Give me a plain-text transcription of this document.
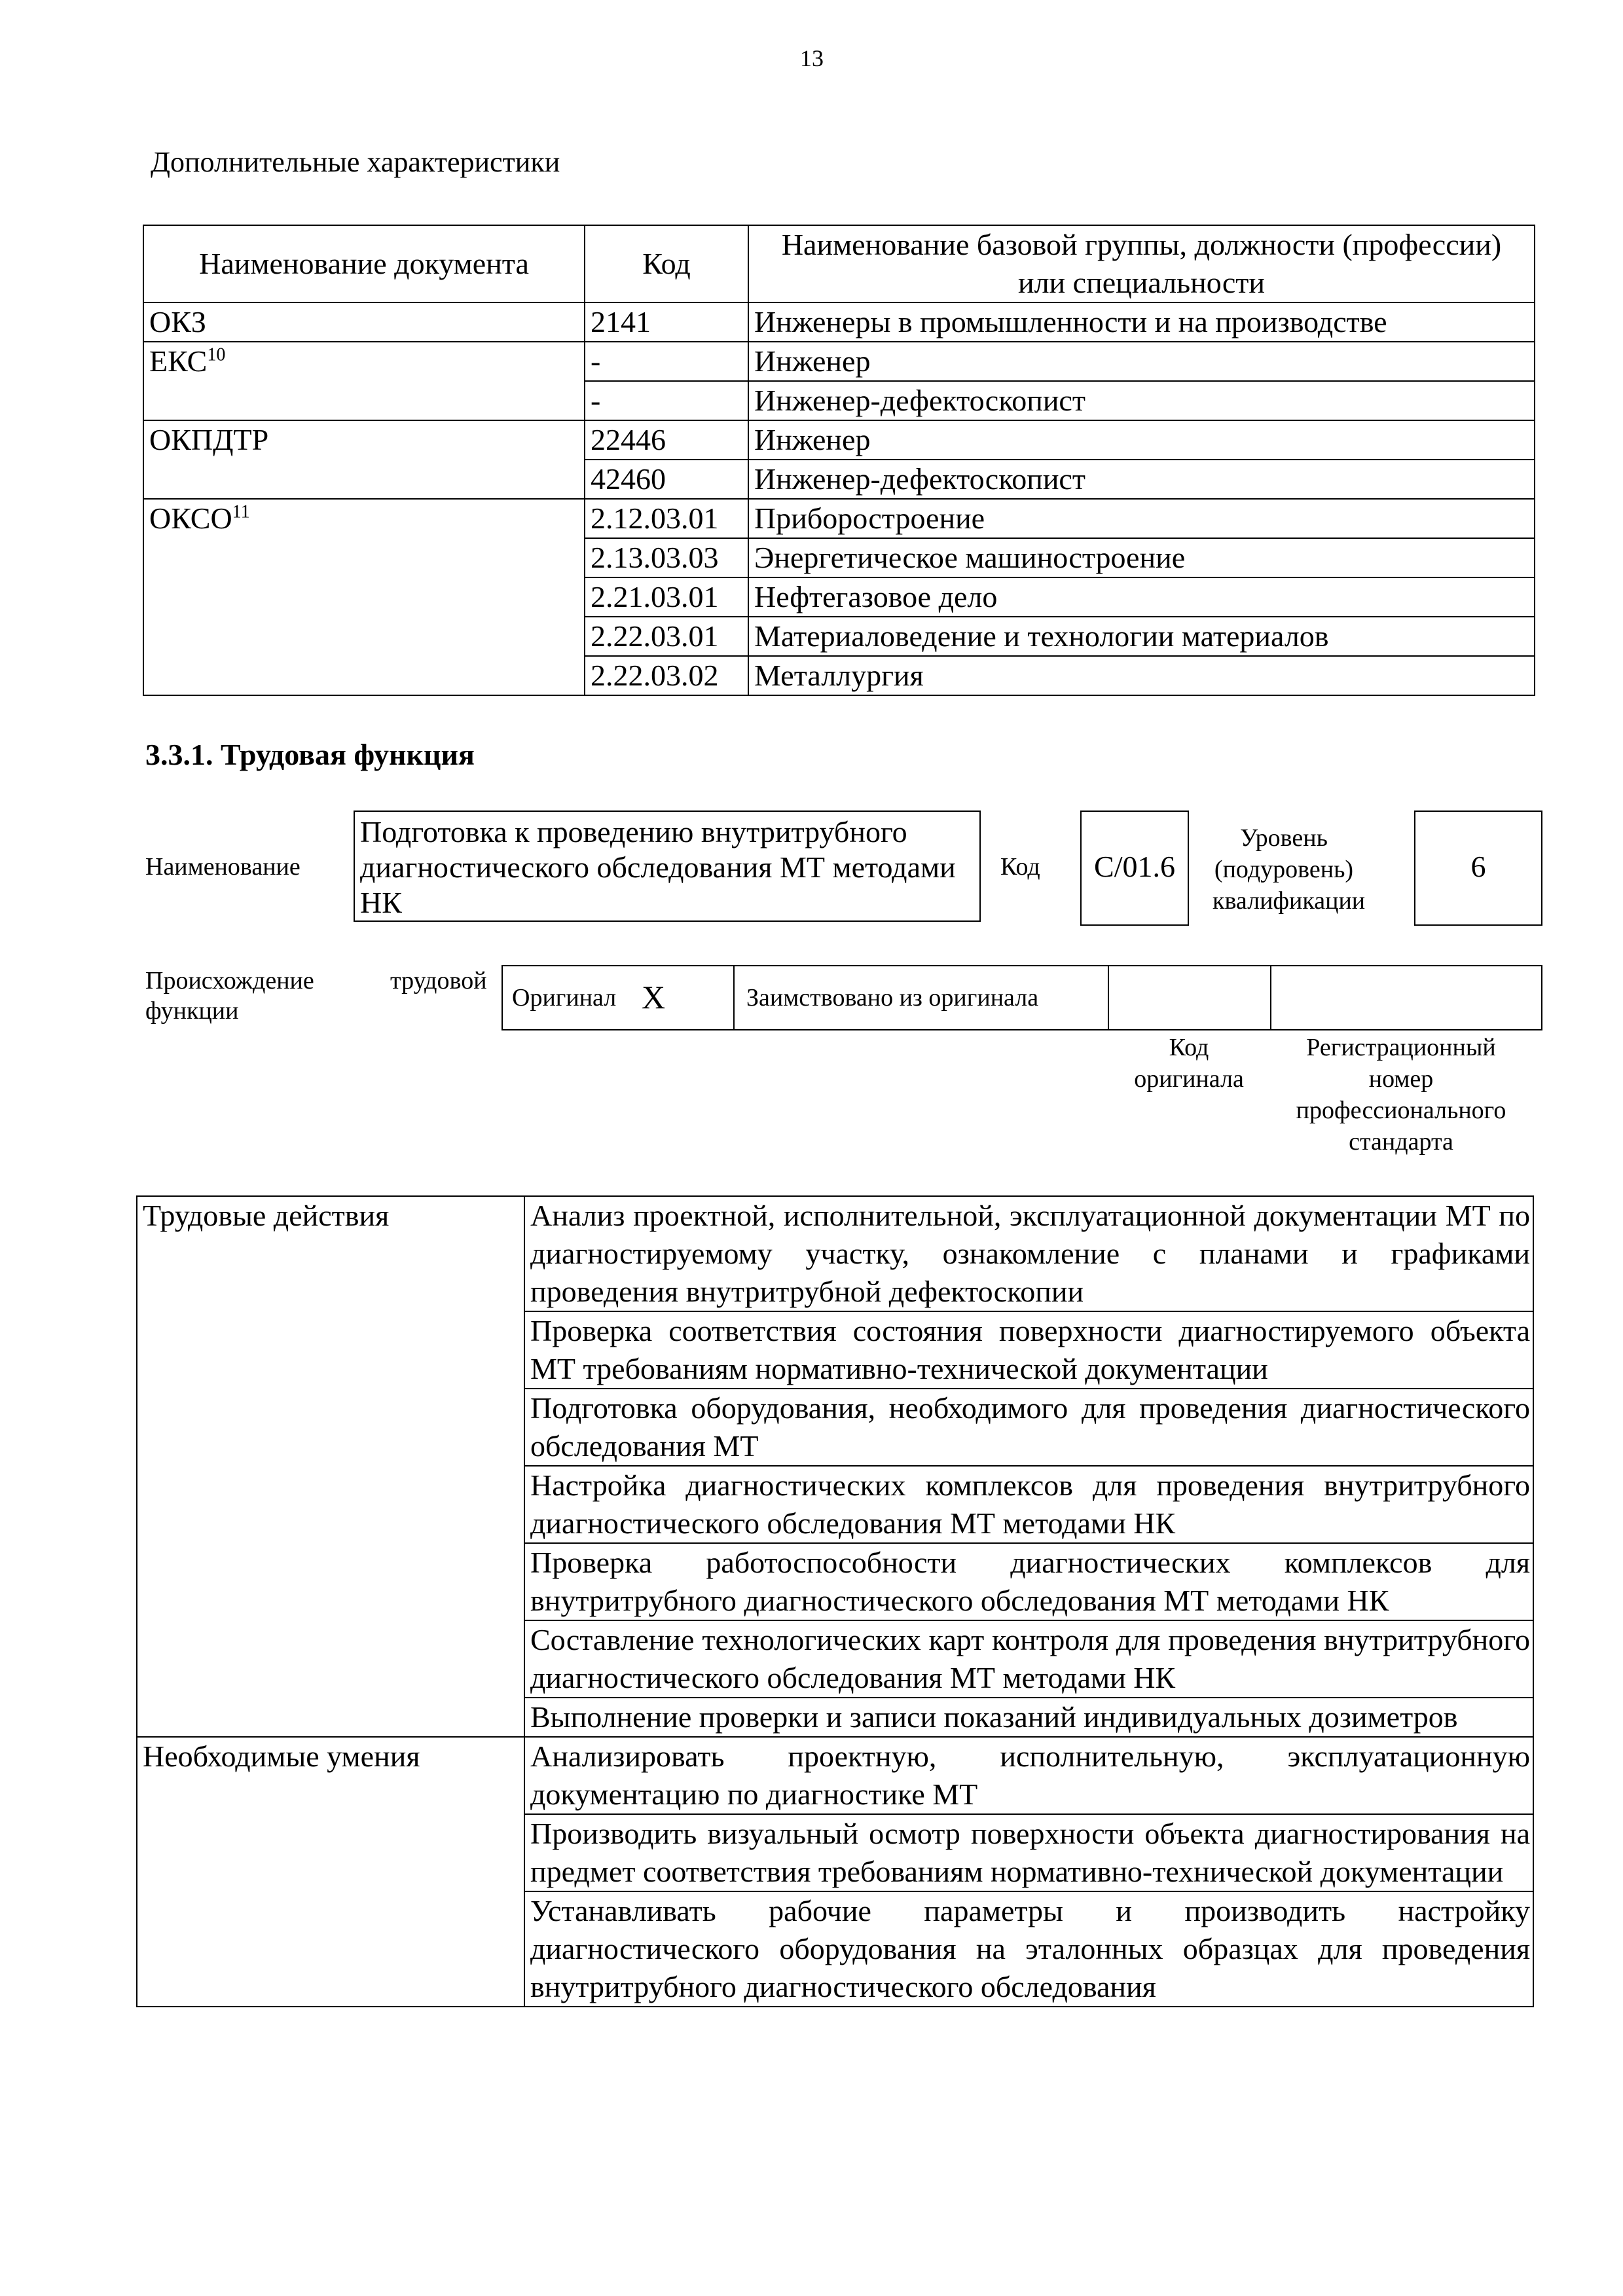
13
Дополнительные характеристики
Наименование документа	Код	Наименование базовой группы, должности (профессии) или специальности
ОКЗ	2141	Инженеры в промышленности и на производстве
ЕКС$^{10}$	-	Инженер
	-	Инженер-дефектоскопист
ОКПДТР	22446	Инженер
	42460	Инженер-дефектоскопист
ОКСО$^{11}$	2.12.03.01	Приборостроение
	2.13.03.03	Энергетическое машиностроение
	2.21.03.01	Нефтегазовое дело
	2.22.03.01	Материаловедение и технологии материалов
	2.22.03.02	Металлургия
3.3.1. Трудовая функция
Наименование
Подготовка к проведению внутритрубного диагностического обследования МТ методами НК
Код	C/01.6
Уровень (подуровень) квалификации
6
Происхождение	трудовой
функции	Оригинал X	Заимствовано из оригинала
Код оригинала
Регистрационный номер профессионального стандарта
Трудовые действия	Анализ проектной, исполнительной, эксплуатационной документации МТ по диагностируемому участку, ознакомление с планами и графиками проведения внутритрубной дефектоскопии
	Проверка соответствия состояния поверхности диагностируемого объекта МТ требованиям нормативно-технической документации
	Подготовка оборудования, необходимого для проведения диагностического обследования МТ
	Настройка диагностических комплексов для проведения внутритрубного диагностического обследования МТ методами НК
	Проверка работоспособности диагностических комплексов для внутритрубного диагностического обследования МТ методами НК
	Составление технологических карт контроля для проведения внутритрубного диагностического обследования МТ методами НК
	Выполнение проверки и записи показаний индивидуальных дозиметров
Необходимые умения	Анализировать проектную, исполнительную, эксплуатационную документацию по диагностике МТ
	Производить визуальный осмотр поверхности объекта диагностирования на предмет соответствия требованиям нормативно-технической документации
	Устанавливать рабочие параметры и производить настройку диагностического оборудования на эталонных образцах для проведения внутритрубного диагностического обследования
